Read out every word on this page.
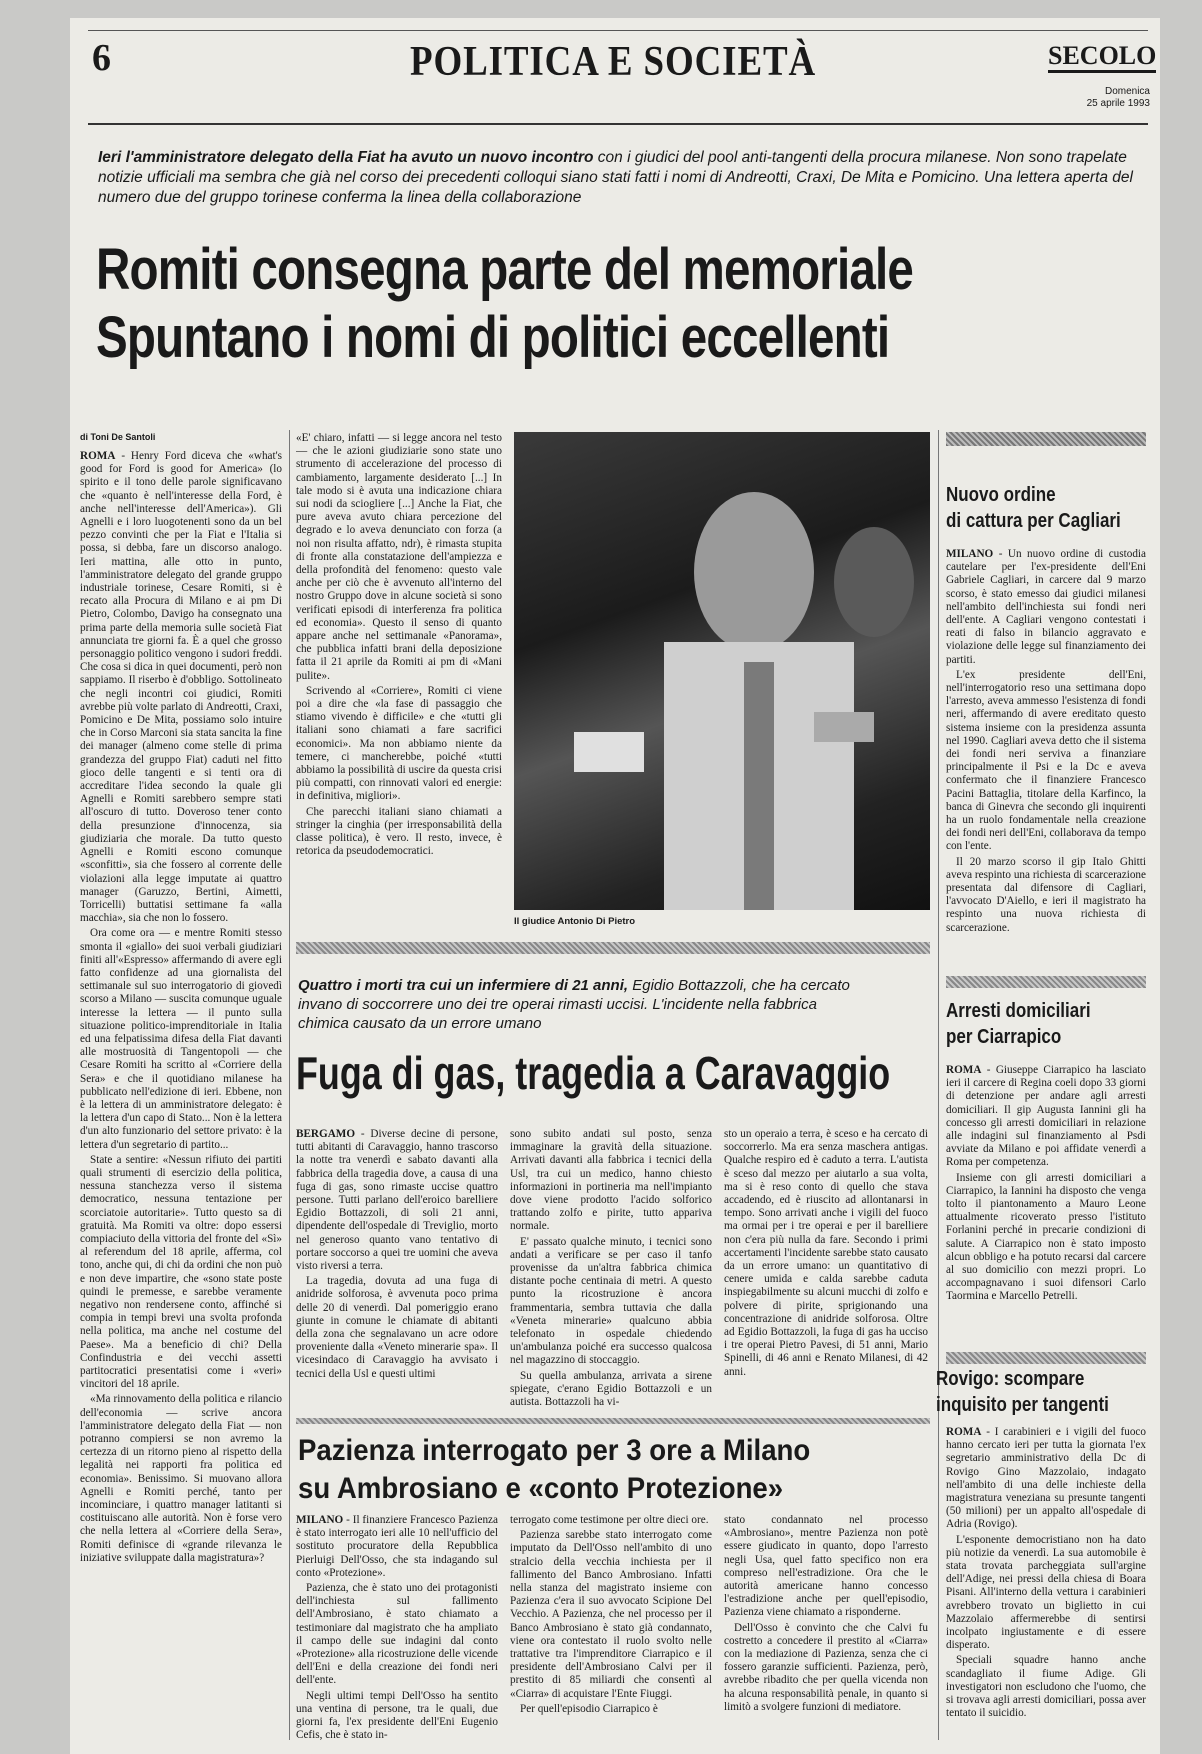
6	POLITICA E SOCIETÀ	SECOLO
Domenica
25 aprile 1993
Ieri l'amministratore delegato della Fiat ha avuto un nuovo incontro con i giudici del pool anti-tangenti della procura milanese. Non sono trapelate notizie ufficiali ma sembra che già nel corso dei precedenti colloqui siano stati fatti i nomi di Andreotti, Craxi, De Mita e Pomicino. Una lettera aperta del numero due del gruppo torinese conferma la linea della collaborazione
Romiti consegna parte del memoriale
Spuntano i nomi di politici eccellenti
di Toni De Santoli

ROMA - Henry Ford diceva che «what's good for Ford is good for America» (lo spirito e il tono delle parole significavano che «quanto è nell'interesse della Ford, è anche nell'interesse dell'America»). Gli Agnelli e i loro luogotenenti sono da un bel pezzo convinti che per la Fiat e l'Italia si possa, si debba, fare un discorso analogo. Ieri mattina, alle otto in punto, l'amministratore delegato del grande gruppo industriale torinese, Cesare Romiti, si è recato alla Procura di Milano e ai pm Di Pietro, Colombo, Davigo ha consegnato una prima parte della memoria sulle società Fiat annunciata tre giorni fa. È a quel che grosso personaggio politico vengono i sudori freddi. Che cosa si dica in quei documenti, però non sappiamo. Il riserbo è d'obbligo. Sottolineato che negli incontri coi giudici, Romiti avrebbe più volte parlato di Andreotti, Craxi, Pomicino e De Mita, possiamo solo intuire che in Corso Marconi sia stata sancita la fine dei manager (almeno come stelle di prima grandezza del gruppo Fiat) caduti nel fitto gioco delle tangenti e si tenti ora di accreditare l'idea secondo la quale gli Agnelli e Romiti sarebbero sempre stati all'oscuro di tutto. Doveroso tener conto della presunzione d'innocenza, sia giudiziaria che morale. Da tutto questo Agnelli e Romiti escono comunque «sconfitti», sia che fossero al corrente delle violazioni alla legge imputate ai quattro manager (Garuzzo, Bertini, Aimetti, Torricelli) buttatisi settimane fa «alla macchia», sia che non lo fossero.

Ora come ora — e mentre Romiti stesso smonta il «giallo» dei suoi verbali giudiziari finiti all'«Espresso» affermando di avere egli fatto confidenze ad una giornalista del settimanale sul suo interrogatorio di giovedì scorso a Milano — suscita comunque uguale interesse la lettera — il punto sulla situazione politico-imprenditoriale in Italia ed una felpatissima difesa della Fiat davanti alle mostruosità di Tangentopoli — che Cesare Romiti ha scritto al «Corriere della Sera» e che il quotidiano milanese ha pubblicato nell'edizione di ieri. Ebbene, non è la lettera di un amministratore delegato: è la lettera d'un capo di Stato... Non è la lettera d'un alto funzionario del settore privato: è la lettera d'un segretario di partito...

State a sentire: «Nessun rifiuto dei partiti quali strumenti di esercizio della politica, nessuna stanchezza verso il sistema democratico, nessuna tentazione per scorciatoie autoritarie». Tutto questo sa di gratuità. Ma Romiti va oltre: dopo essersi compiaciuto della vittoria del fronte del «Sì» al referendum del 18 aprile, afferma, col tono, anche qui, di chi da ordini che non può e non deve impartire, che «sono state poste quindi le premesse, e sarebbe veramente negativo non rendersene conto, affinché si compia in tempi brevi una svolta profonda nella politica, ma anche nel costume del Paese». Ma a beneficio di chi? Della Confindustria e dei vecchi assetti partitocratici presentatisi come i «veri» vincitori del 18 aprile.

«Ma rinnovamento della politica e rilancio dell'economia — scrive ancora l'amministratore delegato della Fiat — non potranno compiersi se non avremo la certezza di un ritorno pieno al rispetto della legalità nei rapporti fra politica ed economia». Benissimo. Si muovano allora Agnelli e Romiti perché, tanto per incominciare, i quattro manager latitanti si costituiscano alle autorità. Non è forse vero che nella lettera al «Corriere della Sera», Romiti definisce di «grande rilevanza le iniziative sviluppate dalla magistratura»?

«E' chiaro, infatti — si legge ancora nel testo — che le azioni giudiziarie sono state uno strumento di accelerazione del processo di cambiamento, largamente desiderato [...] In tale modo si è avuta una indicazione chiara sui nodi da sciogliere [...] Anche la Fiat, che pure aveva avuto chiara percezione del degrado e lo aveva denunciato con forza (a noi non risulta affatto, ndr), è rimasta stupita di fronte alla constatazione dell'ampiezza e della profondità del fenomeno: questo vale anche per ciò che è avvenuto all'interno del nostro Gruppo dove in alcune società si sono verificati episodi di interferenza fra politica ed economia». Questo il senso di quanto appare anche nel settimanale «Panorama», che pubblica infatti brani della deposizione fatta il 21 aprile da Romiti ai pm di «Mani pulite».

Scrivendo al «Corriere», Romiti ci viene poi a dire che «la fase di passaggio che stiamo vivendo è difficile» e che «tutti gli italiani sono chiamati a fare sacrifici economici». Ma non abbiamo niente da temere, ci mancherebbe, poiché «tutti abbiamo la possibilità di uscire da questa crisi più compatti, con rinnovati valori ed energie: in definitiva, migliori».

Che parecchi italiani siano chiamati a stringer la cinghia (per irresponsabilità della classe politica), è vero. Il resto, invece, è retorica da pseudodemocratici.

Il giudice Antonio Di Pietro
Nuovo ordine
di cattura per Cagliari

MILANO - Un nuovo ordine di custodia cautelare per l'ex-presidente dell'Eni Gabriele Cagliari, in carcere dal 9 marzo scorso, è stato emesso dai giudici milanesi nell'ambito dell'inchiesta sui fondi neri dell'ente. A Cagliari vengono contestati i reati di falso in bilancio aggravato e violazione delle legge sul finanziamento dei partiti.

L'ex presidente dell'Eni, nell'interrogatorio reso una settimana dopo l'arresto, aveva ammesso l'esistenza di fondi neri, affermando di avere ereditato questo sistema insieme con la presidenza assunta nel 1990. Cagliari aveva detto che il sistema dei fondi neri serviva a finanziare principalmente il Psi e la Dc e aveva confermato che il finanziere Francesco Pacini Battaglia, titolare della Karfinco, la banca di Ginevra che secondo gli inquirenti ha un ruolo fondamentale nella creazione dei fondi neri dell'Eni, collaborava da tempo con l'ente.

Il 20 marzo scorso il gip Italo Ghitti aveva respinto una richiesta di scarcerazione presentata dal difensore di Cagliari, l'avvocato D'Aiello, e ieri il magistrato ha respinto una nuova richiesta di scarcerazione.

Arresti domiciliari
per Ciarrapico

ROMA - Giuseppe Ciarrapico ha lasciato ieri il carcere di Regina coeli dopo 33 giorni di detenzione per andare agli arresti domiciliari. Il gip Augusta Iannini gli ha concesso gli arresti domiciliari in relazione alle indagini sul finanziamento al Psdi avviate da Milano e poi affidate venerdì a Roma per competenza.

Insieme con gli arresti domiciliari a Ciarrapico, la Iannini ha disposto che venga tolto il piantonamento a Mauro Leone attualmente ricoverato presso l'istituto Forlanini perché in precarie condizioni di salute. A Ciarrapico non è stato imposto alcun obbligo e ha potuto recarsi dal carcere al suo domicilio con mezzi propri. Lo accompagnavano i suoi difensori Carlo Taormina e Marcello Petrelli.

Rovigo: scompare
inquisito per tangenti

ROMA - I carabinieri e i vigili del fuoco hanno cercato ieri per tutta la giornata l'ex segretario amministrativo della Dc di Rovigo Gino Mazzolaio, indagato nell'ambito di una delle inchieste della magistratura veneziana su presunte tangenti (50 milioni) per un appalto all'ospedale di Adria (Rovigo).

L'esponente democristiano non ha dato più notizie da venerdì. La sua automobile è stata trovata parcheggiata sull'argine dell'Adige, nei pressi della chiesa di Boara Pisani. All'interno della vettura i carabinieri avrebbero trovato un biglietto in cui Mazzolaio affermerebbe di sentirsi incolpato ingiustamente e di essere disperato.

Speciali squadre hanno anche scandagliato il fiume Adige. Gli investigatori non escludono che l'uomo, che si trovava agli arresti domiciliari, possa aver tentato il suicidio.

Quattro i morti tra cui un infermiere di 21 anni, Egidio Bottazzoli, che ha cercato invano di soccorrere uno dei tre operai rimasti uccisi. L'incidente nella fabbrica chimica causato da un errore umano
Fuga di gas, tragedia a Caravaggio

BERGAMO - Diverse decine di persone, tutti abitanti di Caravaggio, hanno trascorso la notte tra venerdì e sabato davanti alla fabbrica della tragedia dove, a causa di una fuga di gas, sono rimaste uccise quattro persone. Tutti parlano dell'eroico barelliere Egidio Bottazzoli, di soli 21 anni, dipendente dell'ospedale di Treviglio, morto nel generoso quanto vano tentativo di portare soccorso a quei tre uomini che aveva visto riversi a terra.

La tragedia, dovuta ad una fuga di anidride solforosa, è avvenuta poco prima delle 20 di venerdì. Dal pomeriggio erano giunte in comune le chiamate di abitanti della zona che segnalavano un acre odore proveniente dalla «Veneto minerarie spa». Il vicesindaco di Caravaggio ha avvisato i tecnici della Usl e questi ultimi

sono subito andati sul posto, senza immaginare la gravità della situazione. Arrivati davanti alla fabbrica i tecnici della Usl, tra cui un medico, hanno chiesto informazioni in portineria ma nell'impianto dove viene prodotto l'acido solforico trattando zolfo e pirite, tutto appariva normale.

E' passato qualche minuto, i tecnici sono andati a verificare se per caso il tanfo provenisse da un'altra fabbrica chimica distante poche centinaia di metri. A questo punto la ricostruzione è ancora frammentaria, sembra tuttavia che dalla «Veneta minerarie» qualcuno abbia telefonato in ospedale chiedendo un'ambulanza poiché era successo qualcosa nel magazzino di stoccaggio.

Su quella ambulanza, arrivata a sirene spiegate, c'erano Egidio Bottazzoli e un autista. Bottazzoli ha vi-

sto un operaio a terra, è sceso e ha cercato di soccorrerlo. Ma era senza maschera antigas. Qualche respiro ed è caduto a terra. L'autista è sceso dal mezzo per aiutarlo a sua volta, ma si è reso conto di quello che stava accadendo, ed è riuscito ad allontanarsi in tempo. Sono arrivati anche i vigili del fuoco ma ormai per i tre operai e per il barelliere non c'era più nulla da fare. Secondo i primi accertamenti l'incidente sarebbe stato causato da un errore umano: un quantitativo di cenere umida e calda sarebbe caduta inspiegabilmente su alcuni mucchi di zolfo e polvere di pirite, sprigionando una concentrazione di anidride solforosa. Oltre ad Egidio Bottazzoli, la fuga di gas ha ucciso i tre operai Pietro Pavesi, di 51 anni, Mario Spinelli, di 46 anni e Renato Milanesi, di 42 anni.

Pazienza interrogato per 3 ore a Milano
su Ambrosiano e «conto Protezione»

MILANO - Il finanziere Francesco Pazienza è stato interrogato ieri alle 10 nell'ufficio del sostituto procuratore della Repubblica Pierluigi Dell'Osso, che sta indagando sul conto «Protezione».

Pazienza, che è stato uno dei protagonisti dell'inchiesta sul fallimento dell'Ambrosiano, è stato chiamato a testimoniare dal magistrato che ha ampliato il campo delle sue indagini dal conto «Protezione» alla ricostruzione delle vicende dell'Eni e della creazione dei fondi neri dell'ente.

Negli ultimi tempi Dell'Osso ha sentito una ventina di persone, tra le quali, due giorni fa, l'ex presidente dell'Eni Eugenio Cefis, che è stato in-

terrogato come testimone per oltre dieci ore.

Pazienza sarebbe stato interrogato come imputato da Dell'Osso nell'ambito di uno stralcio della vecchia inchiesta per il fallimento del Banco Ambrosiano. Infatti nella stanza del magistrato insieme con Pazienza c'era il suo avvocato Scipione Del Vecchio. A Pazienza, che nel processo per il Banco Ambrosiano è stato già condannato, viene ora contestato il ruolo svolto nelle trattative tra l'imprenditore Ciarrapico e il presidente dell'Ambrosiano Calvi per il prestito di 85 miliardi che consentì al «Ciarra» di acquistare l'Ente Fiuggi.

Per quell'episodio Ciarrapico è

stato condannato nel processo «Ambrosiano», mentre Pazienza non potè essere giudicato in quanto, dopo l'arresto negli Usa, quel fatto specifico non era compreso nell'estradizione. Ora che le autorità americane hanno concesso l'estradizione anche per quell'episodio, Pazienza viene chiamato a risponderne.

Dell'Osso è convinto che che Calvi fu costretto a concedere il prestito al «Ciarra» con la mediazione di Pazienza, senza che ci fossero garanzie sufficienti. Pazienza, però, avrebbe ribadito che per quella vicenda non ha alcuna responsabilità penale, in quanto si limitò a svolgere funzioni di mediatore.
